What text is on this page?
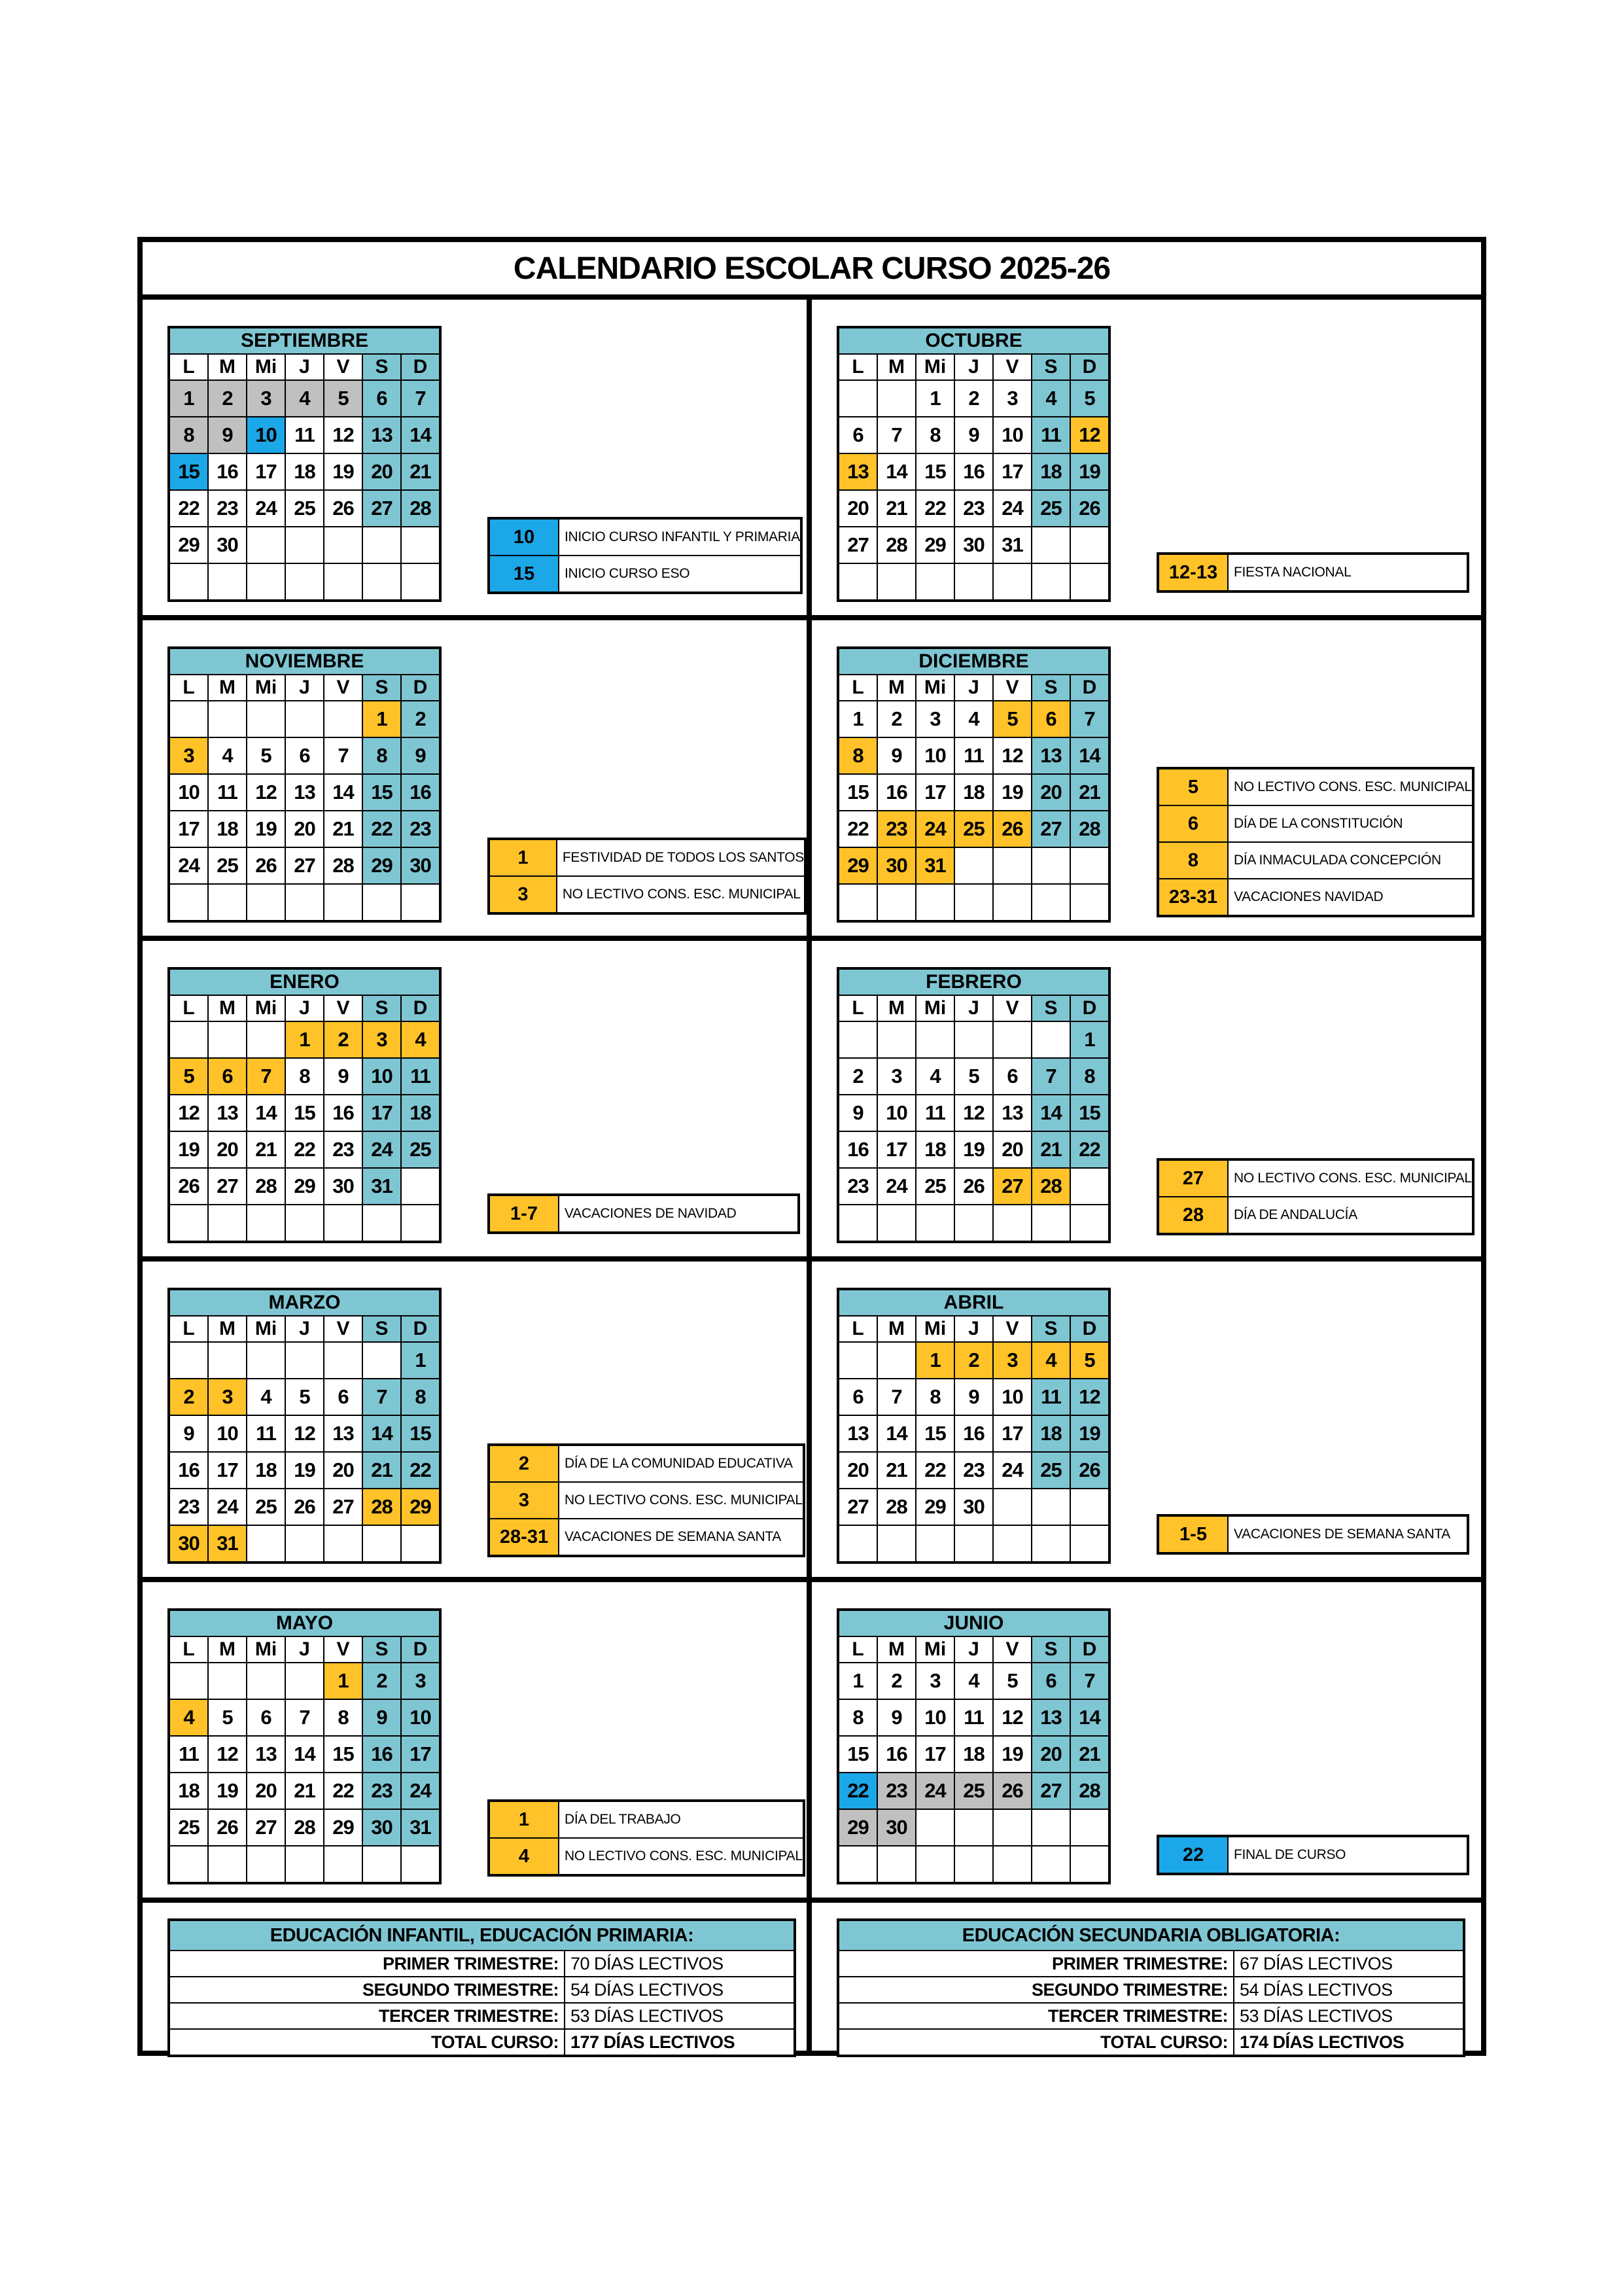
CALENDARIO ESCOLAR CURSO 2025-26
SEPTIEMBRE						
L	M	Mi	J	V	S	D
1	2	3	4	5	6	7
8	9	10	11	12	13	14
15	16	17	18	19	20	21
22	23	24	25	26	27	28
29	30					
							10	INICIO CURSO INFANTIL Y PRIMARIA
15	INICIO CURSO ESO
NOVIEMBRE						
L	M	Mi	J	V	S	D
					1	2
3	4	5	6	7	8	9
10	11	12	13	14	15	16
17	18	19	20	21	22	23
24	25	26	27	28	29	30
							1	FESTIVIDAD DE TODOS LOS SANTOS
3	NO LECTIVO CONS. ESC. MUNICIPAL
ENERO						
L	M	Mi	J	V	S	D
			1	2	3	4
5	6	7	8	9	10	11
12	13	14	15	16	17	18
19	20	21	22	23	24	25
26	27	28	29	30	31	

1-7	VACACIONES DE NAVIDAD
MARZO						
L	M	Mi	J	V	S	D
						1
2	3	4	5	6	7	8
9	10	11	12	13	14	15
16	17	18	19	20	21	22
23	24	25	26	27	28	29
30	31					
2	DÍA DE LA COMUNIDAD EDUCATIVA
3	NO LECTIVO CONS. ESC. MUNICIPAL
28-31	VACACIONES DE SEMANA SANTA
MAYO						
L	M	Mi	J	V	S	D
				1	2	3
4	5	6	7	8	9	10
11	12	13	14	15	16	17
18	19	20	21	22	23	24
25	26	27	28	29	30	31
							1	DÍA DEL TRABAJO
4	NO LECTIVO CONS. ESC. MUNICIPAL
EDUCACIÓN INFANTIL, EDUCACIÓN PRIMARIA:	
PRIMER TRIMESTRE:	70 DÍAS LECTIVOS
SEGUNDO TRIMESTRE:	54 DÍAS LECTIVOS
TERCER TRIMESTRE:	53 DÍAS LECTIVOS
TOTAL CURSO:	177 DÍAS LECTIVOS
OCTUBRE						
L	M	Mi	J	V	S	D
		1	2	3	4	5
6	7	8	9	10	11	12
13	14	15	16	17	18	19
20	21	22	23	24	25	26
27	28	29	30	31		

12-13	FIESTA NACIONAL
DICIEMBRE						
L	M	Mi	J	V	S	D
1	2	3	4	5	6	7
8	9	10	11	12	13	14
15	16	17	18	19	20	21
22	23	24	25	26	27	28
29	30	31				

5	NO LECTIVO CONS. ESC. MUNICIPAL
6	DÍA DE LA CONSTITUCIÓN
8	DÍA INMACULADA CONCEPCIÓN
23-31	VACACIONES NAVIDAD
FEBRERO						
L	M	Mi	J	V	S	D
						1
2	3	4	5	6	7	8
9	10	11	12	13	14	15
16	17	18	19	20	21	22
23	24	25	26	27	28	
							27	NO LECTIVO CONS. ESC. MUNICIPAL
28	DÍA DE ANDALUCÍA
ABRIL						
L	M	Mi	J	V	S	D
		1	2	3	4	5
6	7	8	9	10	11	12
13	14	15	16	17	18	19
20	21	22	23	24	25	26
27	28	29	30			

1-5	VACACIONES DE SEMANA SANTA
JUNIO						
L	M	Mi	J	V	S	D
1	2	3	4	5	6	7
8	9	10	11	12	13	14
15	16	17	18	19	20	21
22	23	24	25	26	27	28
29	30					

22	FINAL DE CURSO
EDUCACIÓN SECUNDARIA OBLIGATORIA:	
PRIMER TRIMESTRE:	67 DÍAS LECTIVOS
SEGUNDO TRIMESTRE:	54 DÍAS LECTIVOS
TERCER TRIMESTRE:	53 DÍAS LECTIVOS
TOTAL CURSO:	174 DÍAS LECTIVOS
